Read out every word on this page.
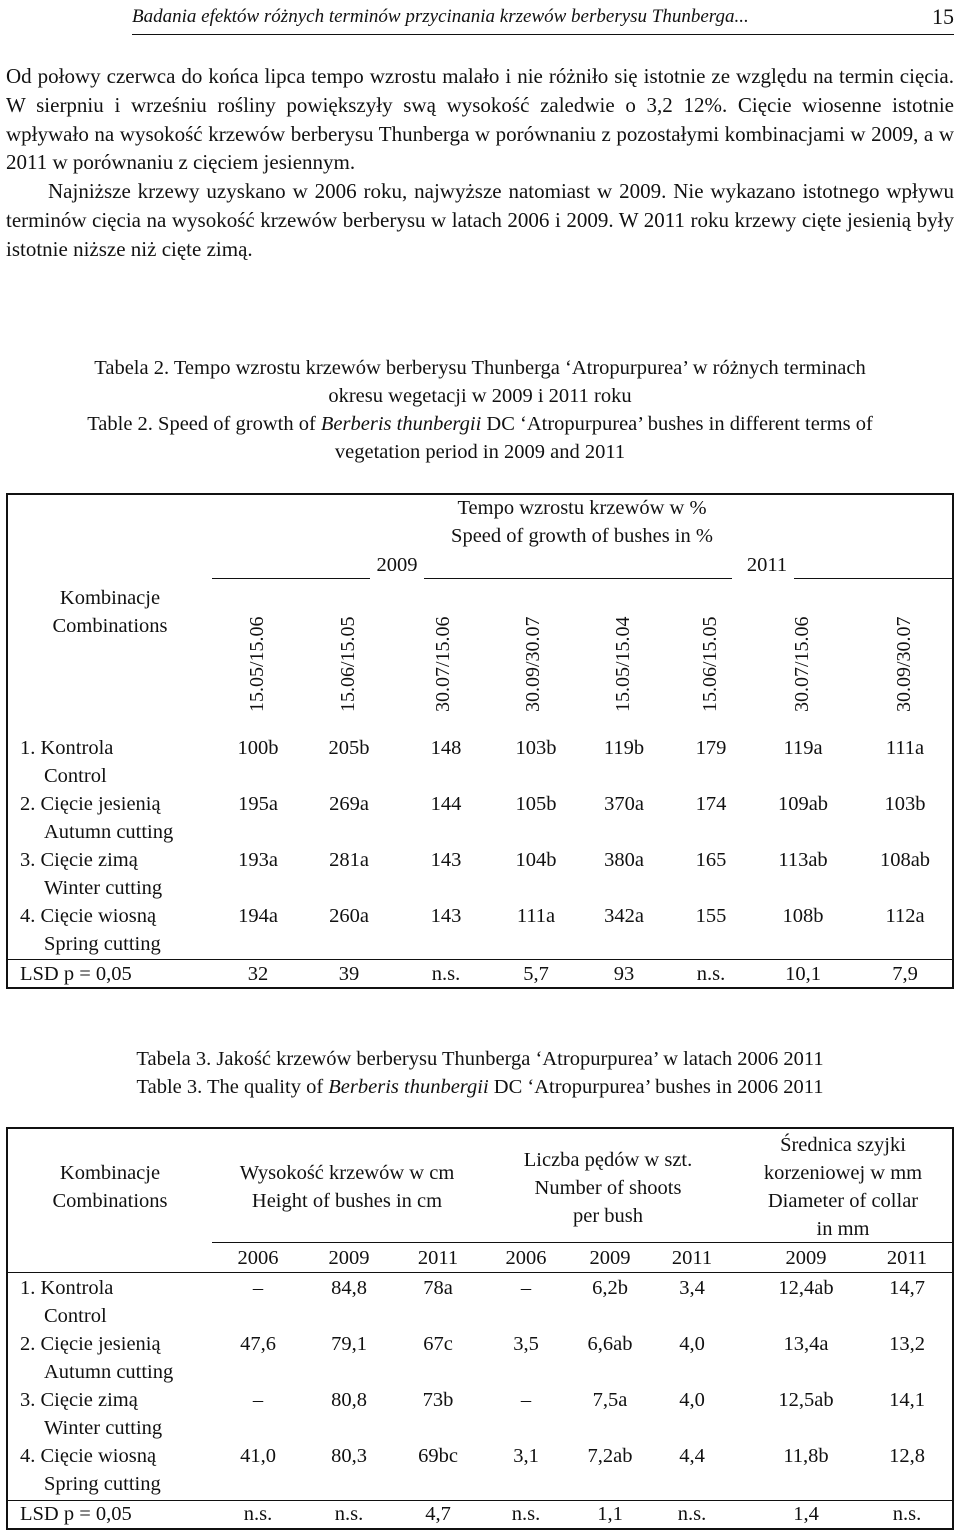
Badania efektów różnych terminów przycinania krzewów berberysu Thunberga...	15

Od połowy czerwca do końca lipca tempo wzrostu malało i nie różniło się istotnie ze względu na termin cięcia. W sierpniu i wrześniu rośliny powiększyły swą wysokość zaledwie o 3,2 12%. Cięcie wiosenne istotnie wpływało na wysokość krzewów berberysu Thunberga w porównaniu z pozostałymi kombinacjami w 2009, a w 2011 w porównaniu z cięciem jesiennym.

Najniższe krzewy uzyskano w 2006 roku, najwyższe natomiast w 2009. Nie wykazano istotnego wpływu terminów cięcia na wysokość krzewów berberysu w latach 2006 i 2009. W 2011 roku krzewy cięte jesienią były istotnie niższe niż cięte zimą.

Tabela 2. Tempo wzrostu krzewów berberysu Thunberga ‘Atropurpurea’ w różnych terminach
okresu wegetacji w 2009 i 2011 roku
Table 2. Speed of growth of Berberis thunbergii DC ‘Atropurpurea’ bushes in different terms of
vegetation period in 2009 and 2011
Tempo wzrostu krzewów w %
Speed of growth of bushes in %
2009	2011
Kombinacje
Combinations	15.05/15.06	15.06/15.05	30.07/15.06	30.09/30.07	15.05/15.04	15.06/15.05	30.07/15.06	30.09/30.07
1. Kontrola
Control
100b	205b	148	103b	119b	179	119a	111a
2. Cięcie jesienią
Autumn cutting
195a	269a	144	105b	370a	174	109ab	103b
3. Cięcie zimą
Winter cutting
193a	281a	143	104b	380a	165	113ab	108ab
4. Cięcie wiosną
Spring cutting
194a	260a	143	111a	342a	155	108b	112a
LSD p = 0,05	32	39	n.s.	5,7	93	n.s.	10,1	7,9
Tabela 3. Jakość krzewów berberysu Thunberga ‘Atropurpurea’ w latach 2006 2011
Table 3. The quality of Berberis thunbergii DC ‘Atropurpurea’ bushes in 2006 2011
Kombinacje
Combinations
Wysokość krzewów w cm
Height of bushes in cm
Liczba pędów w szt.
Number of shoots
per bush
Średnica szyjki
korzeniowej w mm
Diameter of collar
in mm
2006	2009	2011	2006	2009	2011	2009	2011
1. Kontrola
Control
–	84,8	78a	–	6,2b	3,4	12,4ab	14,7
2. Cięcie jesienią
Autumn cutting
47,6	79,1	67c	3,5	6,6ab	4,0	13,4a	13,2
3. Cięcie zimą
Winter cutting
–	80,8	73b	–	7,5a	4,0	12,5ab	14,1
4. Cięcie wiosną
Spring cutting
41,0	80,3	69bc	3,1	7,2ab	4,4	11,8b	12,8
LSD p = 0,05	n.s.	n.s.	4,7	n.s.	1,1	n.s.	1,4	n.s.
